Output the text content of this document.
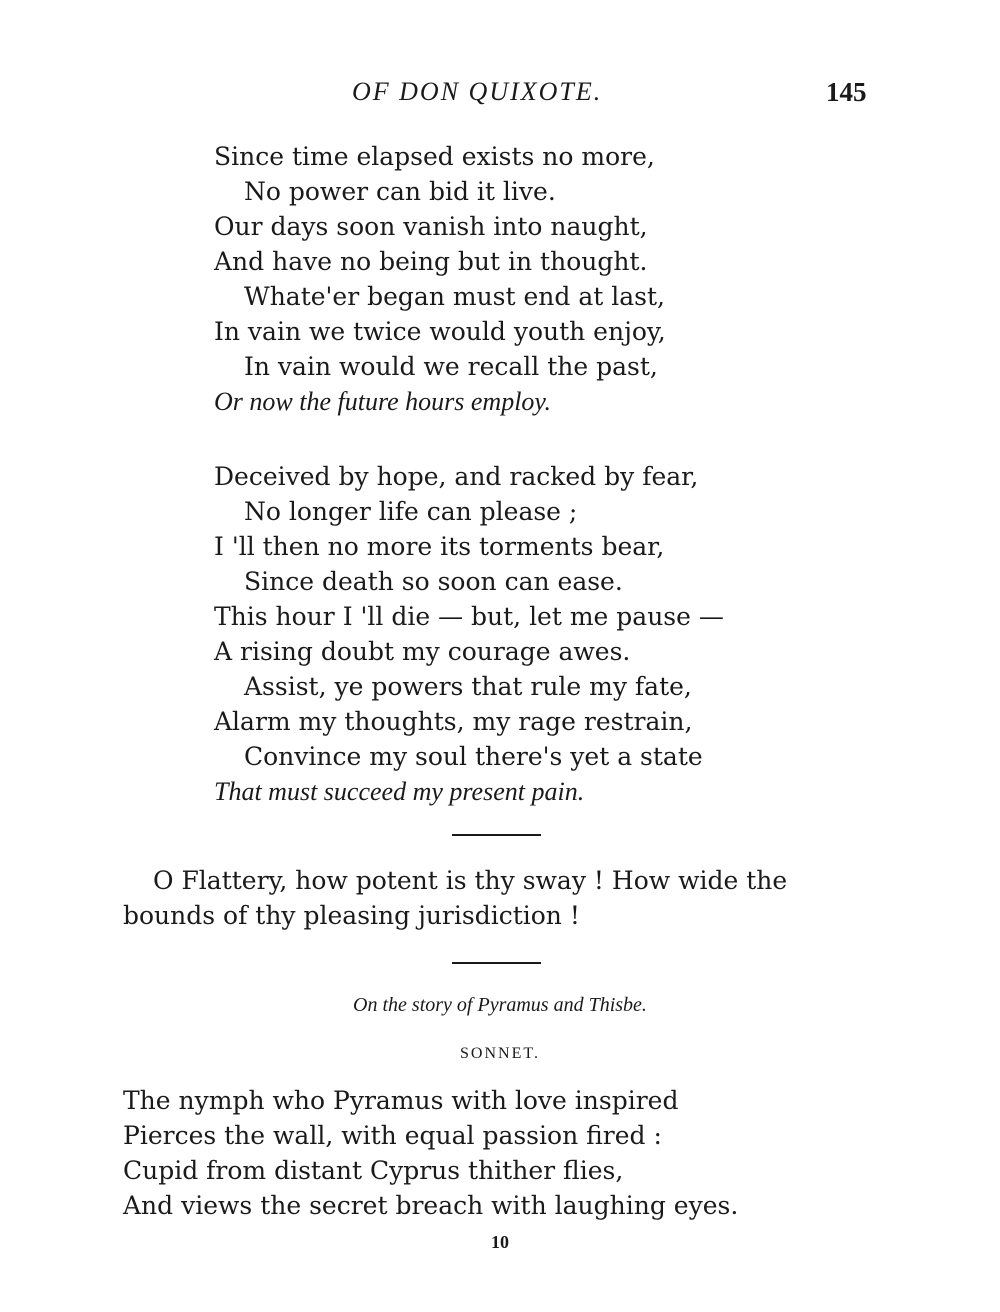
OF DON QUIXOTE.	145
Since time elapsed exists no more,
No power can bid it live.
Our days soon vanish into naught,
And have no being but in thought.
Whate'er began must end at last,
In vain we twice would youth enjoy,
In vain would we recall the past,
Or now the future hours employ.
Deceived by hope, and racked by fear,
No longer life can please ;
I 'll then no more its torments bear,
Since death so soon can ease.
This hour I 'll die — but, let me pause —
A rising doubt my courage awes.
Assist, ye powers that rule my fate,
Alarm my thoughts, my rage restrain,
Convince my soul there's yet a state
That must succeed my present pain.
O Flattery, how potent is thy sway ! How wide the
bounds of thy pleasing jurisdiction !
On the story of Pyramus and Thisbe.
SONNET.
The nymph who Pyramus with love inspired
Pierces the wall, with equal passion fired :
Cupid from distant Cyprus thither flies,
And views the secret breach with laughing eyes.
10
